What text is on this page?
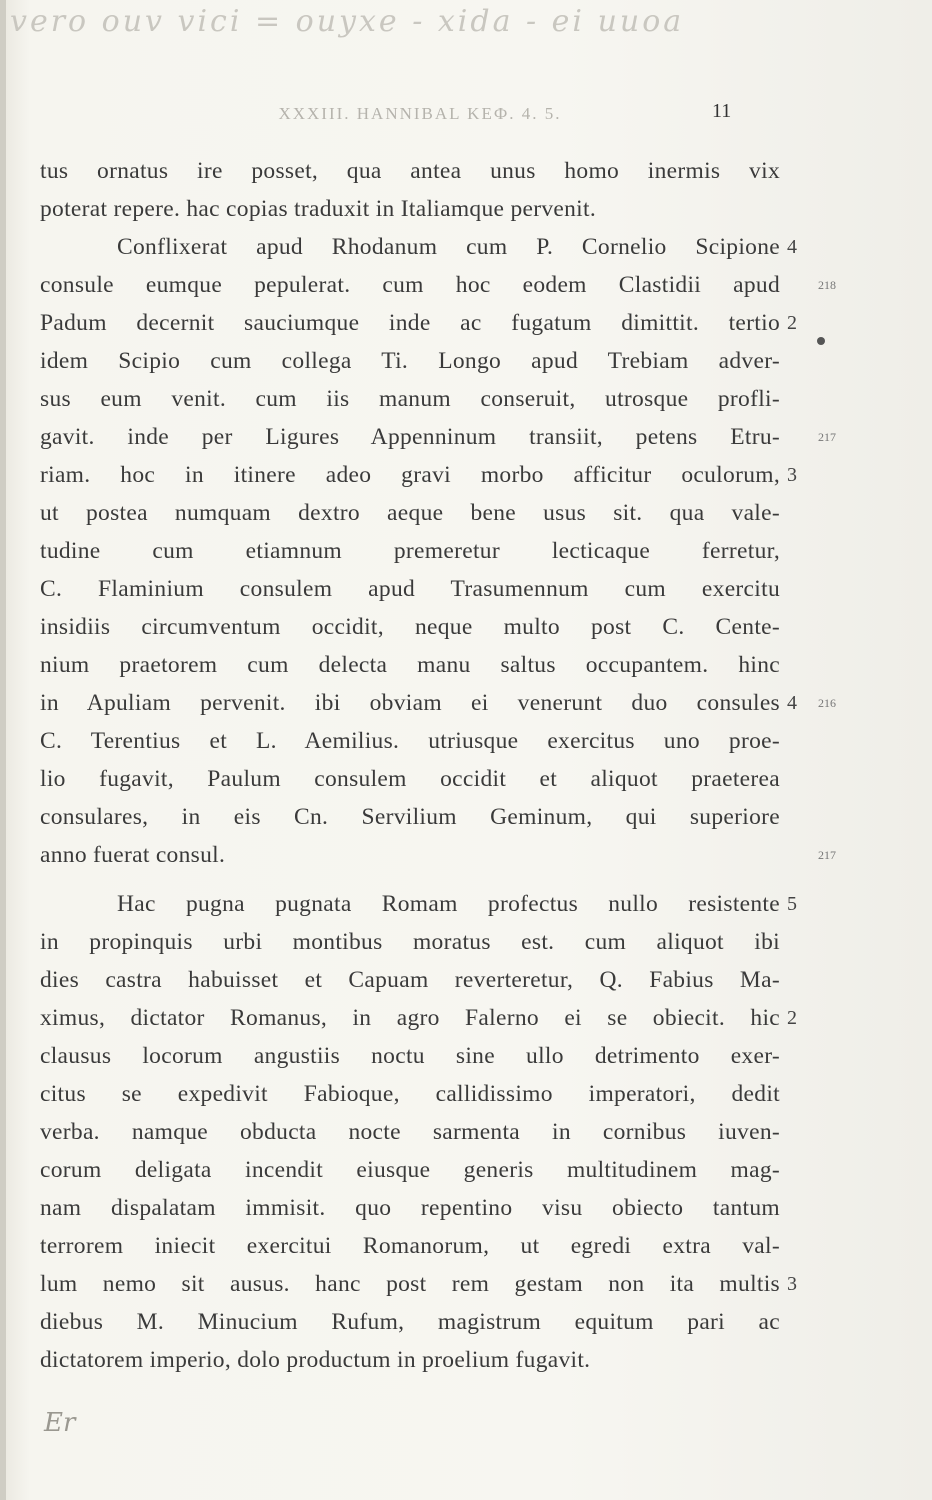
vero ouv vici = ouyxe - xida - ei uuoa
XXXIII. HANNIBAL KEФ. 4. 5.	11
tus ornatus ire posset, qua antea unus homo inermis vix
poterat repere. hac copias traduxit in Italiamque pervenit.
Conflixerat apud Rhodanum cum P. Cornelio Scipione
consule eumque pepulerat. cum hoc eodem Clastidii apud
Padum decernit sauciumque inde ac fugatum dimittit. tertio
idem Scipio cum collega Ti. Longo apud Trebiam adver-
sus eum venit. cum iis manum conseruit, utrosque profli-
gavit. inde per Ligures Appenninum transiit, petens Etru-
riam. hoc in itinere adeo gravi morbo afficitur oculorum,
ut postea numquam dextro aeque bene usus sit. qua vale-
tudine cum etiamnum premeretur lecticaque ferretur,
C. Flaminium consulem apud Trasumennum cum exercitu
insidiis circumventum occidit, neque multo post C. Cente-
nium praetorem cum delecta manu saltus occupantem. hinc
in Apuliam pervenit. ibi obviam ei venerunt duo consules
C. Terentius et L. Aemilius. utriusque exercitus uno proe-
lio fugavit, Paulum consulem occidit et aliquot praeterea
consulares, in eis Cn. Servilium Geminum, qui superiore
anno fuerat consul.
Hac pugna pugnata Romam profectus nullo resistente
in propinquis urbi montibus moratus est. cum aliquot ibi
dies castra habuisset et Capuam reverteretur, Q. Fabius Ma-
ximus, dictator Romanus, in agro Falerno ei se obiecit. hic
clausus locorum angustiis noctu sine ullo detrimento exer-
citus se expedivit Fabioque, callidissimo imperatori, dedit
verba. namque obducta nocte sarmenta in cornibus iuven-
corum deligata incendit eiusque generis multitudinem mag-
nam dispalatam immisit. quo repentino visu obiecto tantum
terrorem iniecit exercitui Romanorum, ut egredi extra val-
lum nemo sit ausus. hanc post rem gestam non ita multis
diebus M. Minucium Rufum, magistrum equitum pari ac
dictatorem imperio, dolo productum in proelium fugavit.
4
2
3
4
5
2
3
218
217
216
217
Er
